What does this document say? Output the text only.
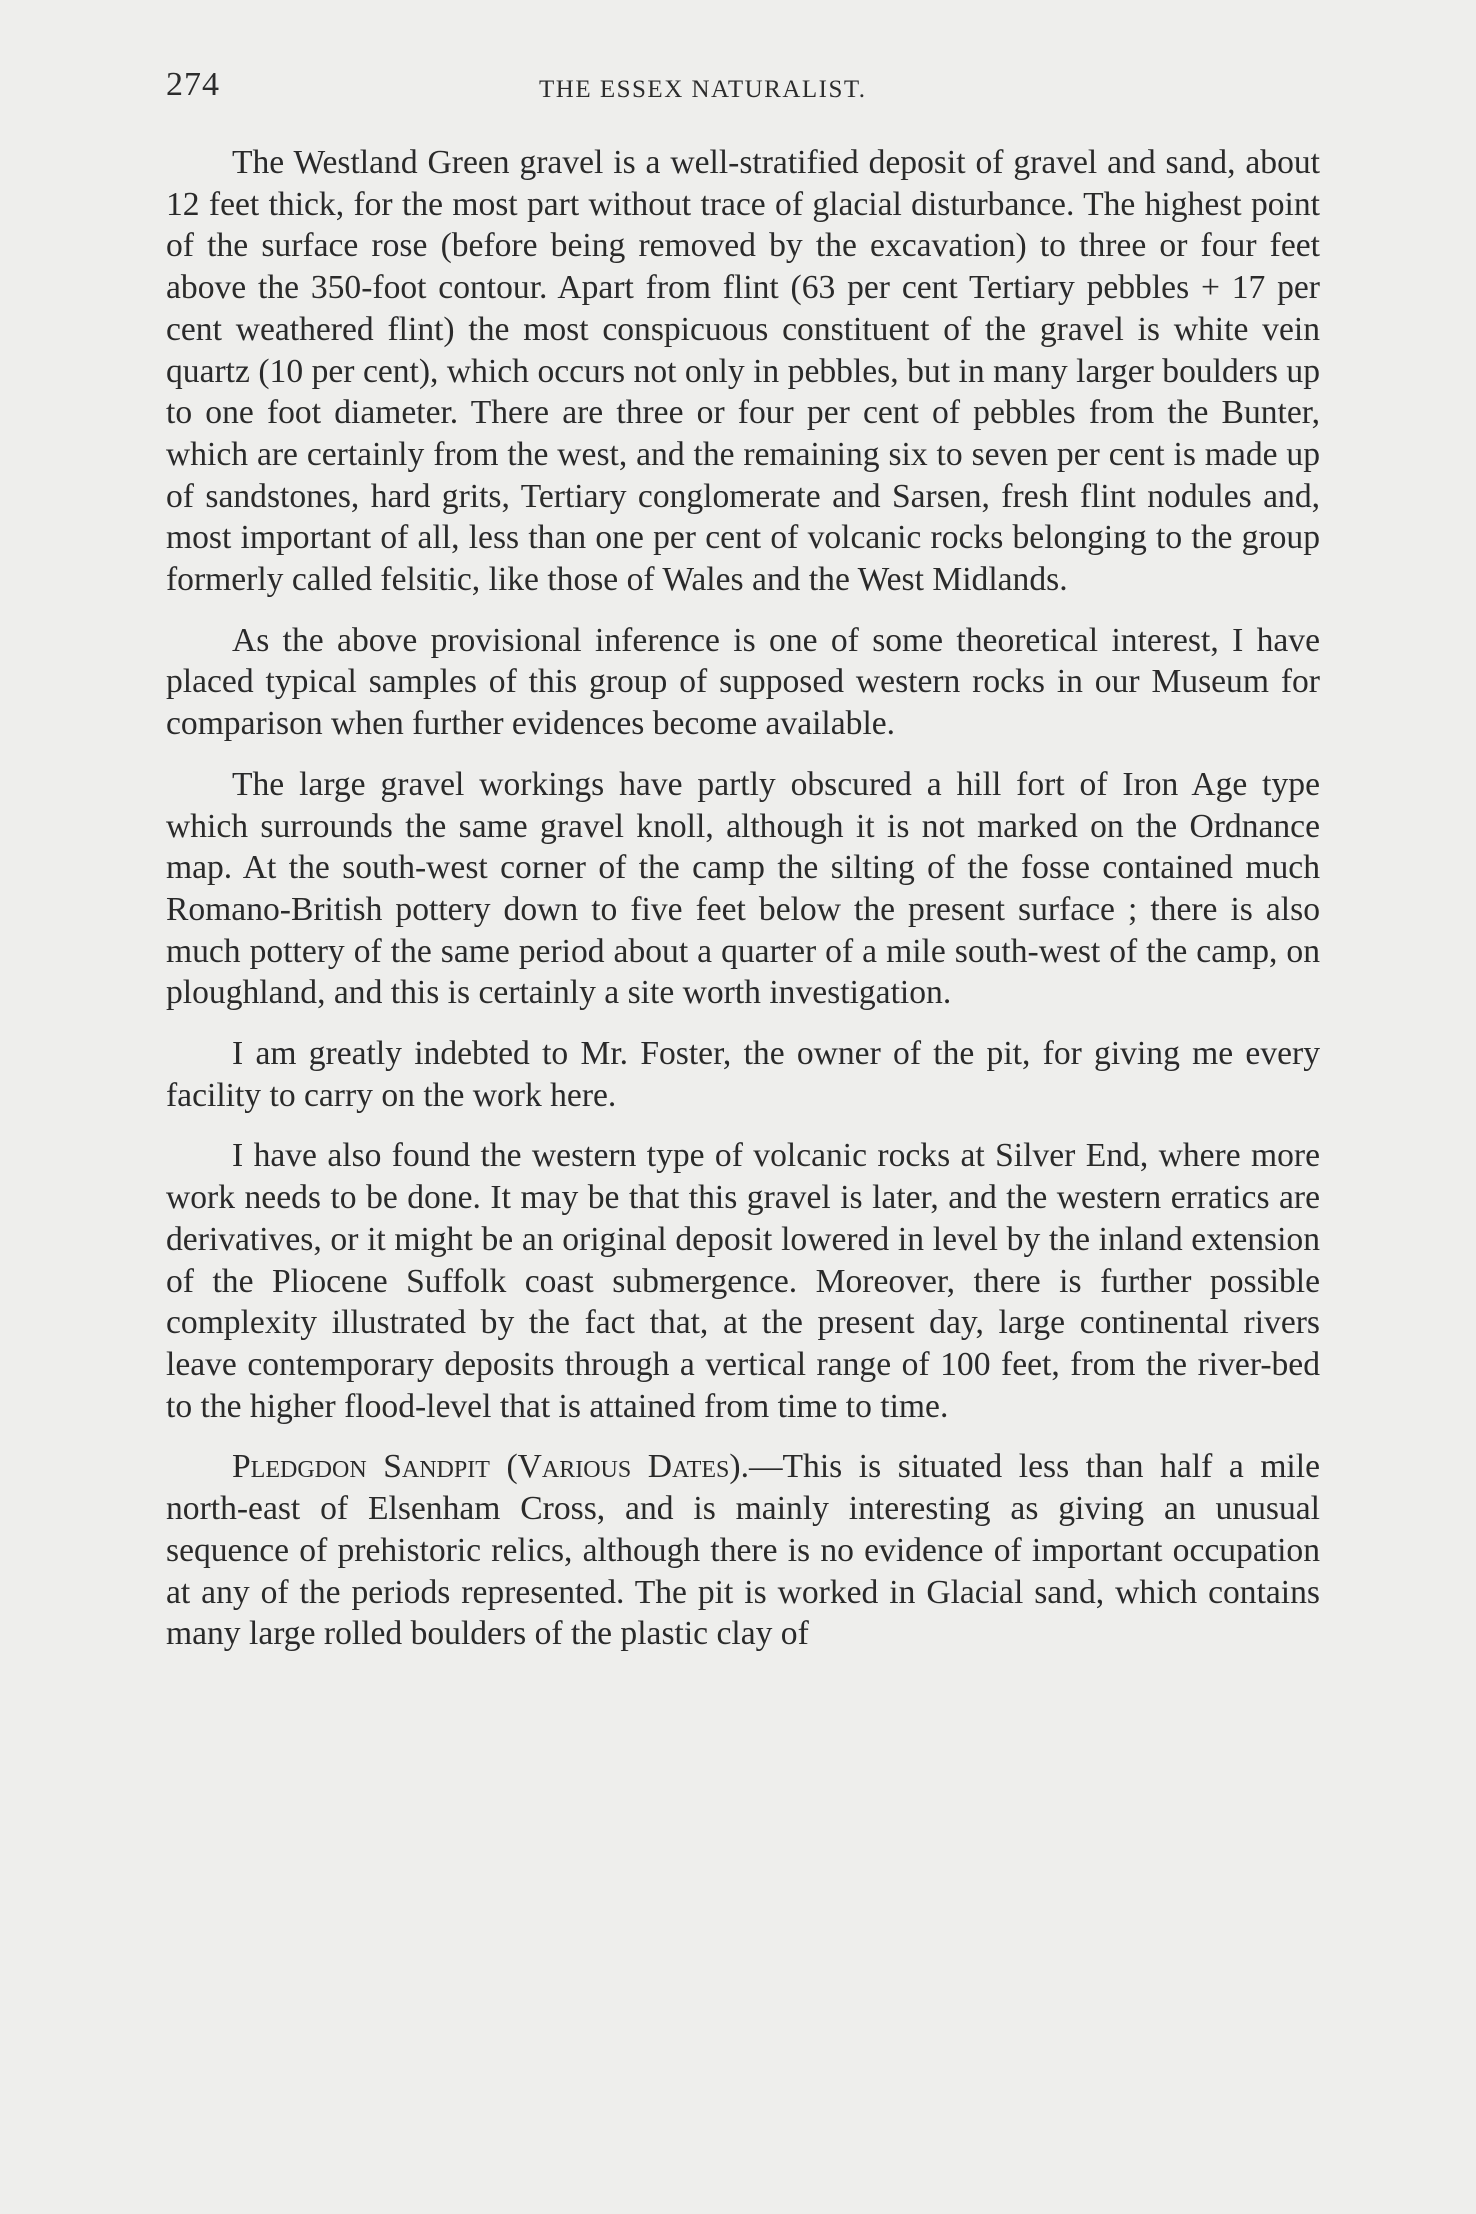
274	THE ESSEX NATURALIST.

The Westland Green gravel is a well-stratified deposit of gravel and sand, about 12 feet thick, for the most part without trace of glacial disturbance. The highest point of the surface rose (before being removed by the excavation) to three or four feet above the 350-foot contour. Apart from flint (63 per cent Tertiary pebbles + 17 per cent weathered flint) the most conspicuous constituent of the gravel is white vein quartz (10 per cent), which occurs not only in pebbles, but in many larger boulders up to one foot diameter. There are three or four per cent of pebbles from the Bunter, which are certainly from the west, and the remaining six to seven per cent is made up of sandstones, hard grits, Tertiary conglomerate and Sarsen, fresh flint nodules and, most important of all, less than one per cent of volcanic rocks belonging to the group formerly called felsitic, like those of Wales and the West Midlands.

As the above provisional inference is one of some theoretical interest, I have placed typical samples of this group of supposed western rocks in our Museum for comparison when further evidences become available.

The large gravel workings have partly obscured a hill fort of Iron Age type which surrounds the same gravel knoll, although it is not marked on the Ordnance map. At the south-west corner of the camp the silting of the fosse contained much Romano-British pottery down to five feet below the present surface ; there is also much pottery of the same period about a quarter of a mile south-west of the camp, on ploughland, and this is certainly a site worth investigation.

I am greatly indebted to Mr. Foster, the owner of the pit, for giving me every facility to carry on the work here.

I have also found the western type of volcanic rocks at Silver End, where more work needs to be done. It may be that this gravel is later, and the western erratics are derivatives, or it might be an original deposit lowered in level by the inland extension of the Pliocene Suffolk coast submergence. Moreover, there is further possible complexity illustrated by the fact that, at the present day, large continental rivers leave contemporary deposits through a vertical range of 100 feet, from the river-bed to the higher flood-level that is attained from time to time.

Pledgdon Sandpit (Various Dates).—This is situated less than half a mile north-east of Elsenham Cross, and is mainly interesting as giving an unusual sequence of prehistoric relics, although there is no evidence of important occupation at any of the periods represented. The pit is worked in Glacial sand, which contains many large rolled boulders of the plastic clay of
